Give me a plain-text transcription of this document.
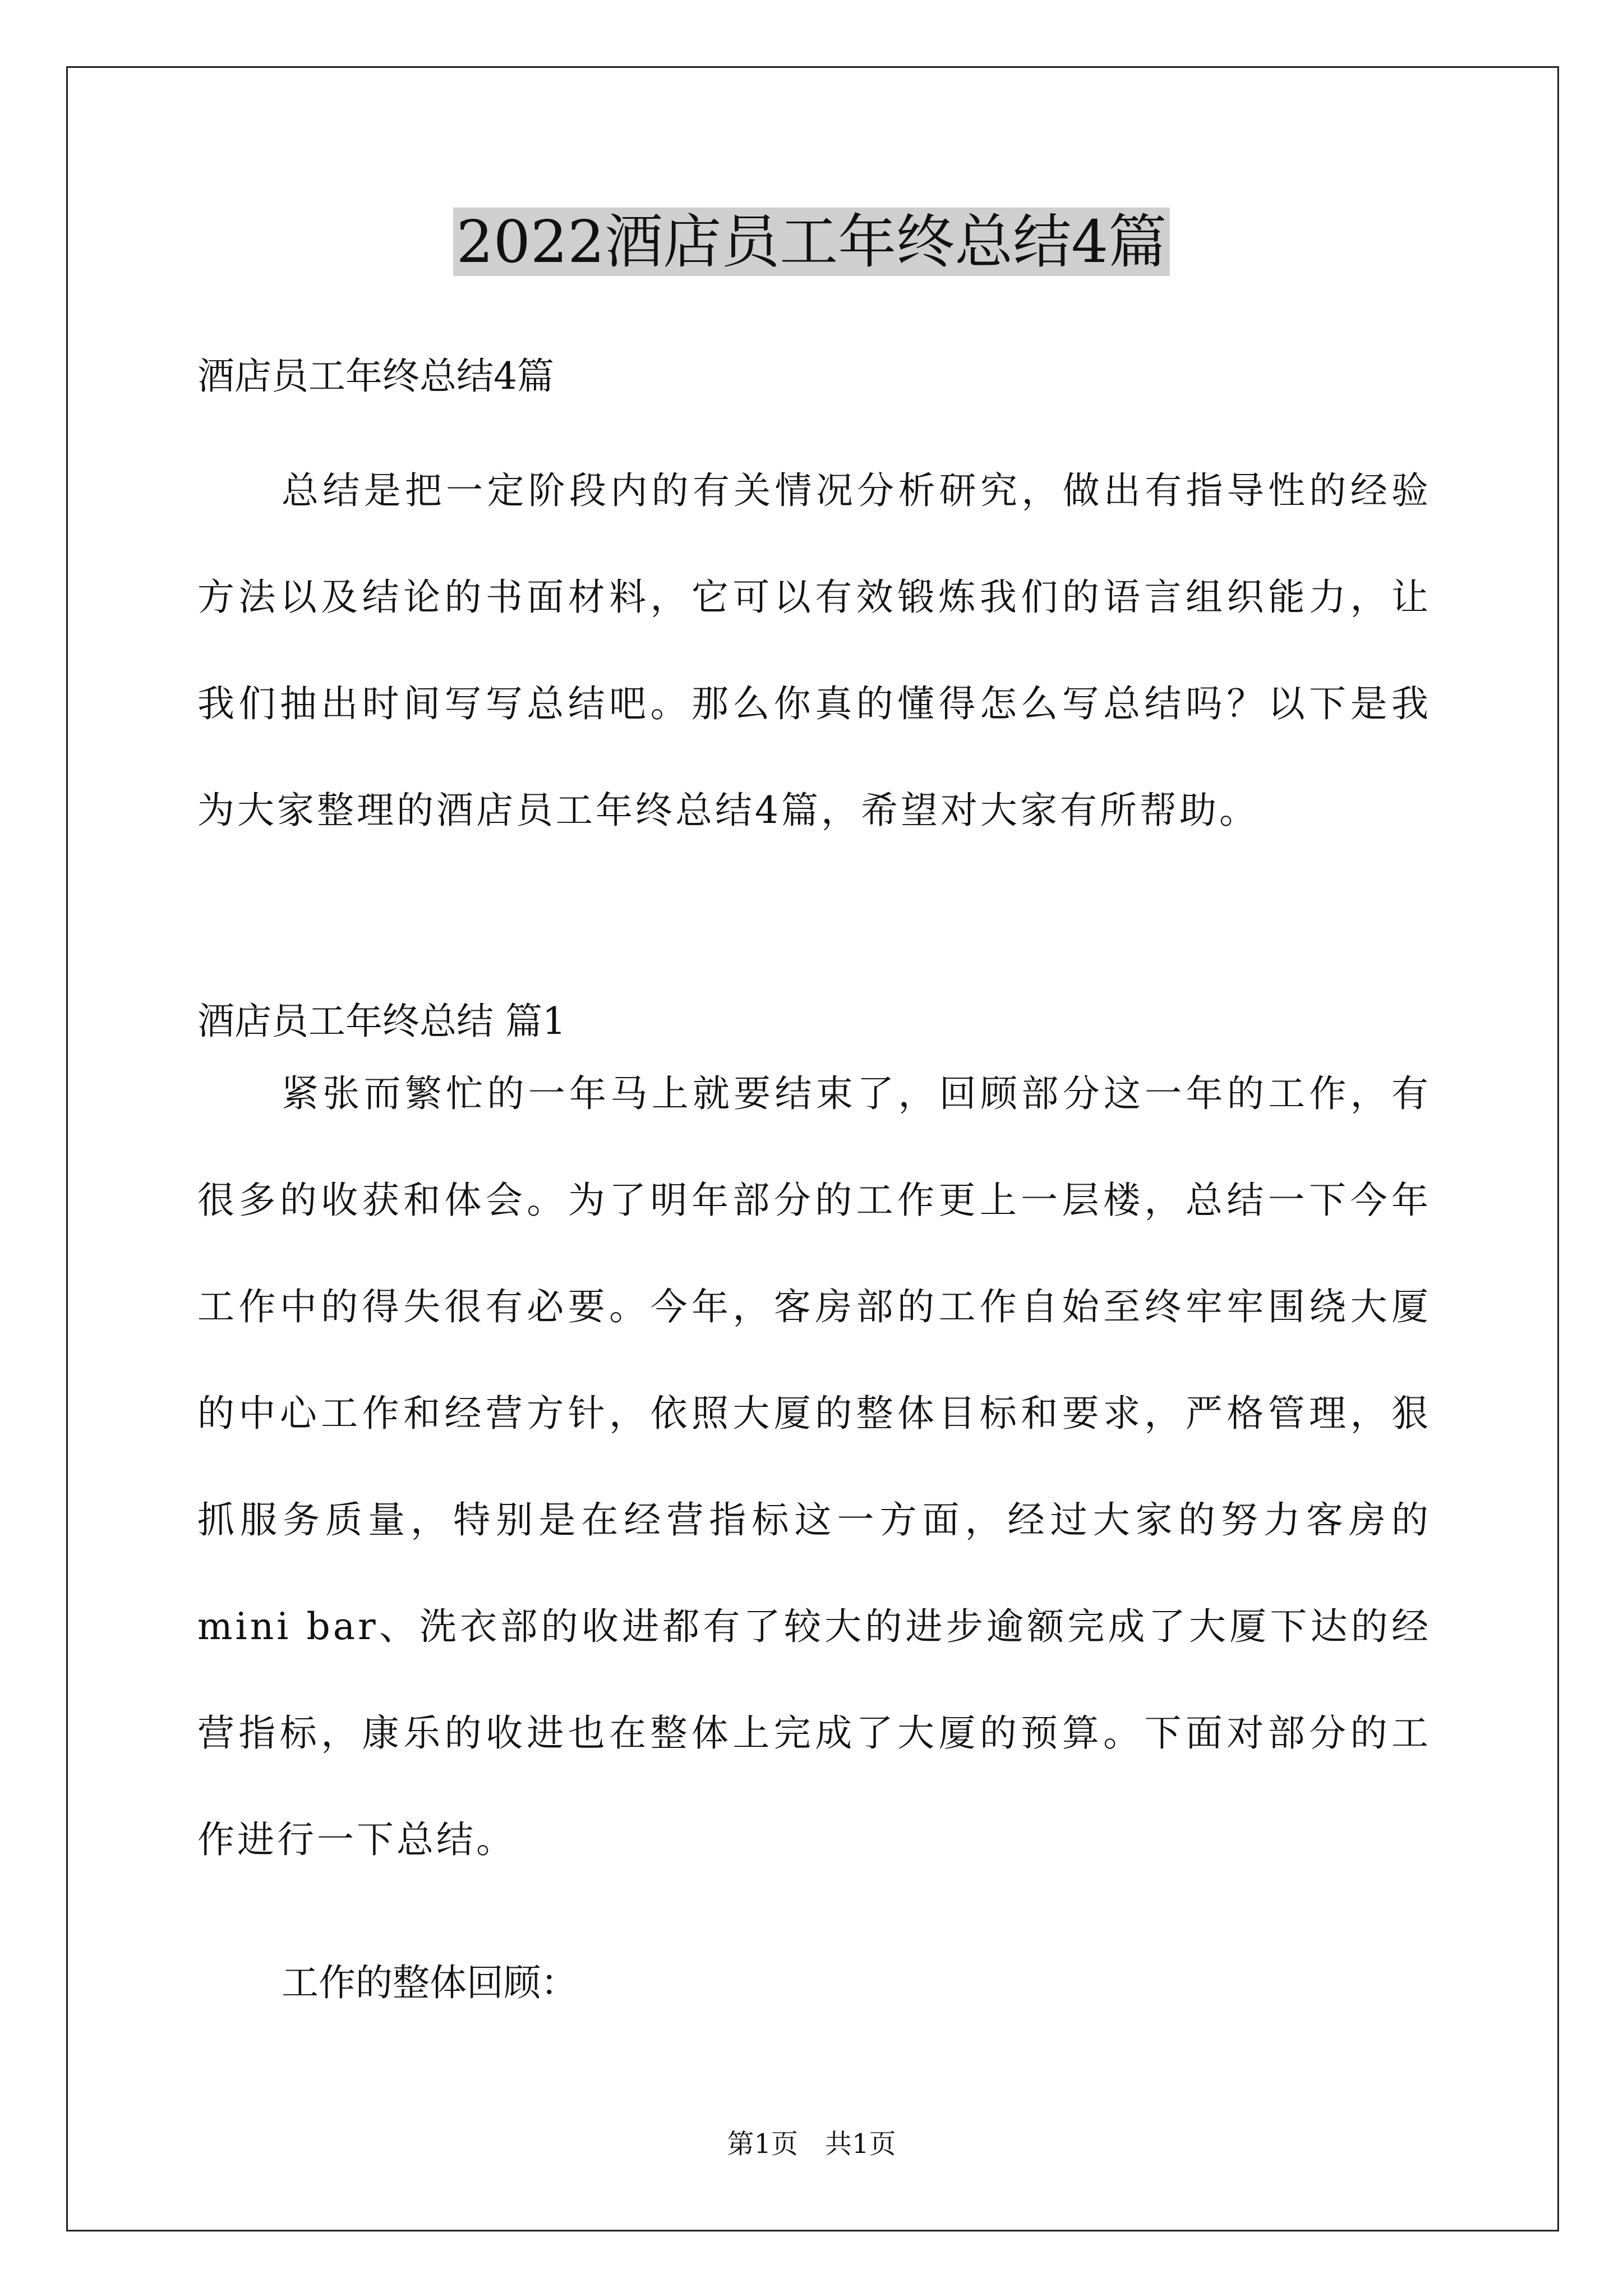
2022酒店员工年终总结4篇
酒店员工年终总结4篇

总结是把一定阶段内的有关情况分析研究，做出有指导性的经验方法以及结论的书面材料，它可以有效锻炼我们的语言组织能力，让我们抽出时间写写总结吧。那么你真的懂得怎么写总结吗？以下是我为大家整理的酒店员工年终总结4篇，希望对大家有所帮助。

酒店员工年终总结 篇1

紧张而繁忙的一年马上就要结束了，回顾部分这一年的工作，有很多的收获和体会。为了明年部分的工作更上一层楼，总结一下今年工作中的得失很有必要。今年，客房部的工作自始至终牢牢围绕大厦的中心工作和经营方针，依照大厦的整体目标和要求，严格管理，狠抓服务质量，特别是在经营指标这一方面，经过大家的努力客房的mini bar、洗衣部的收进都有了较大的进步逾额完成了大厦下达的经营指标，康乐的收进也在整体上完成了大厦的预算。下面对部分的工作进行一下总结。

工作的整体回顾：
第1页　共1页
